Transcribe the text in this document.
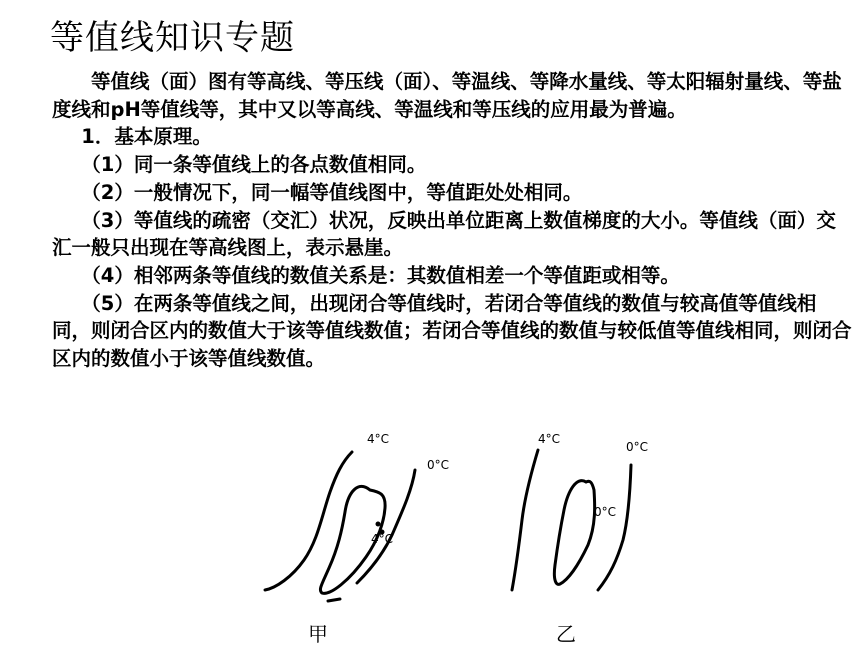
等值线知识专题

等值线（面）图有等高线、等压线（面）、等温线、等降水量线、等太阳辐射量线、等盐度线和pH等值线等，其中又以等高线、等温线和等压线的应用最为普遍。

1．基本原理。

（1）同一条等值线上的各点数值相同。

（2）一般情况下，同一幅等值线图中，等值距处处相同。

（3）等值线的疏密（交汇）状况，反映出单位距离上数值梯度的大小。等值线（面）交汇一般只出现在等高线图上，表示悬崖。

（4）相邻两条等值线的数值关系是：其数值相差一个等值距或相等。

（5）在两条等值线之间，出现闭合等值线时，若闭合等值线的数值与较高值等值线相同，则闭合区内的数值大于该等值线数值；若闭合等值线的数值与较低值等值线相同，则闭合区内的数值小于该等值线数值。

4°C
0°C
4°C
4°C
0°C
0°C
甲	乙
